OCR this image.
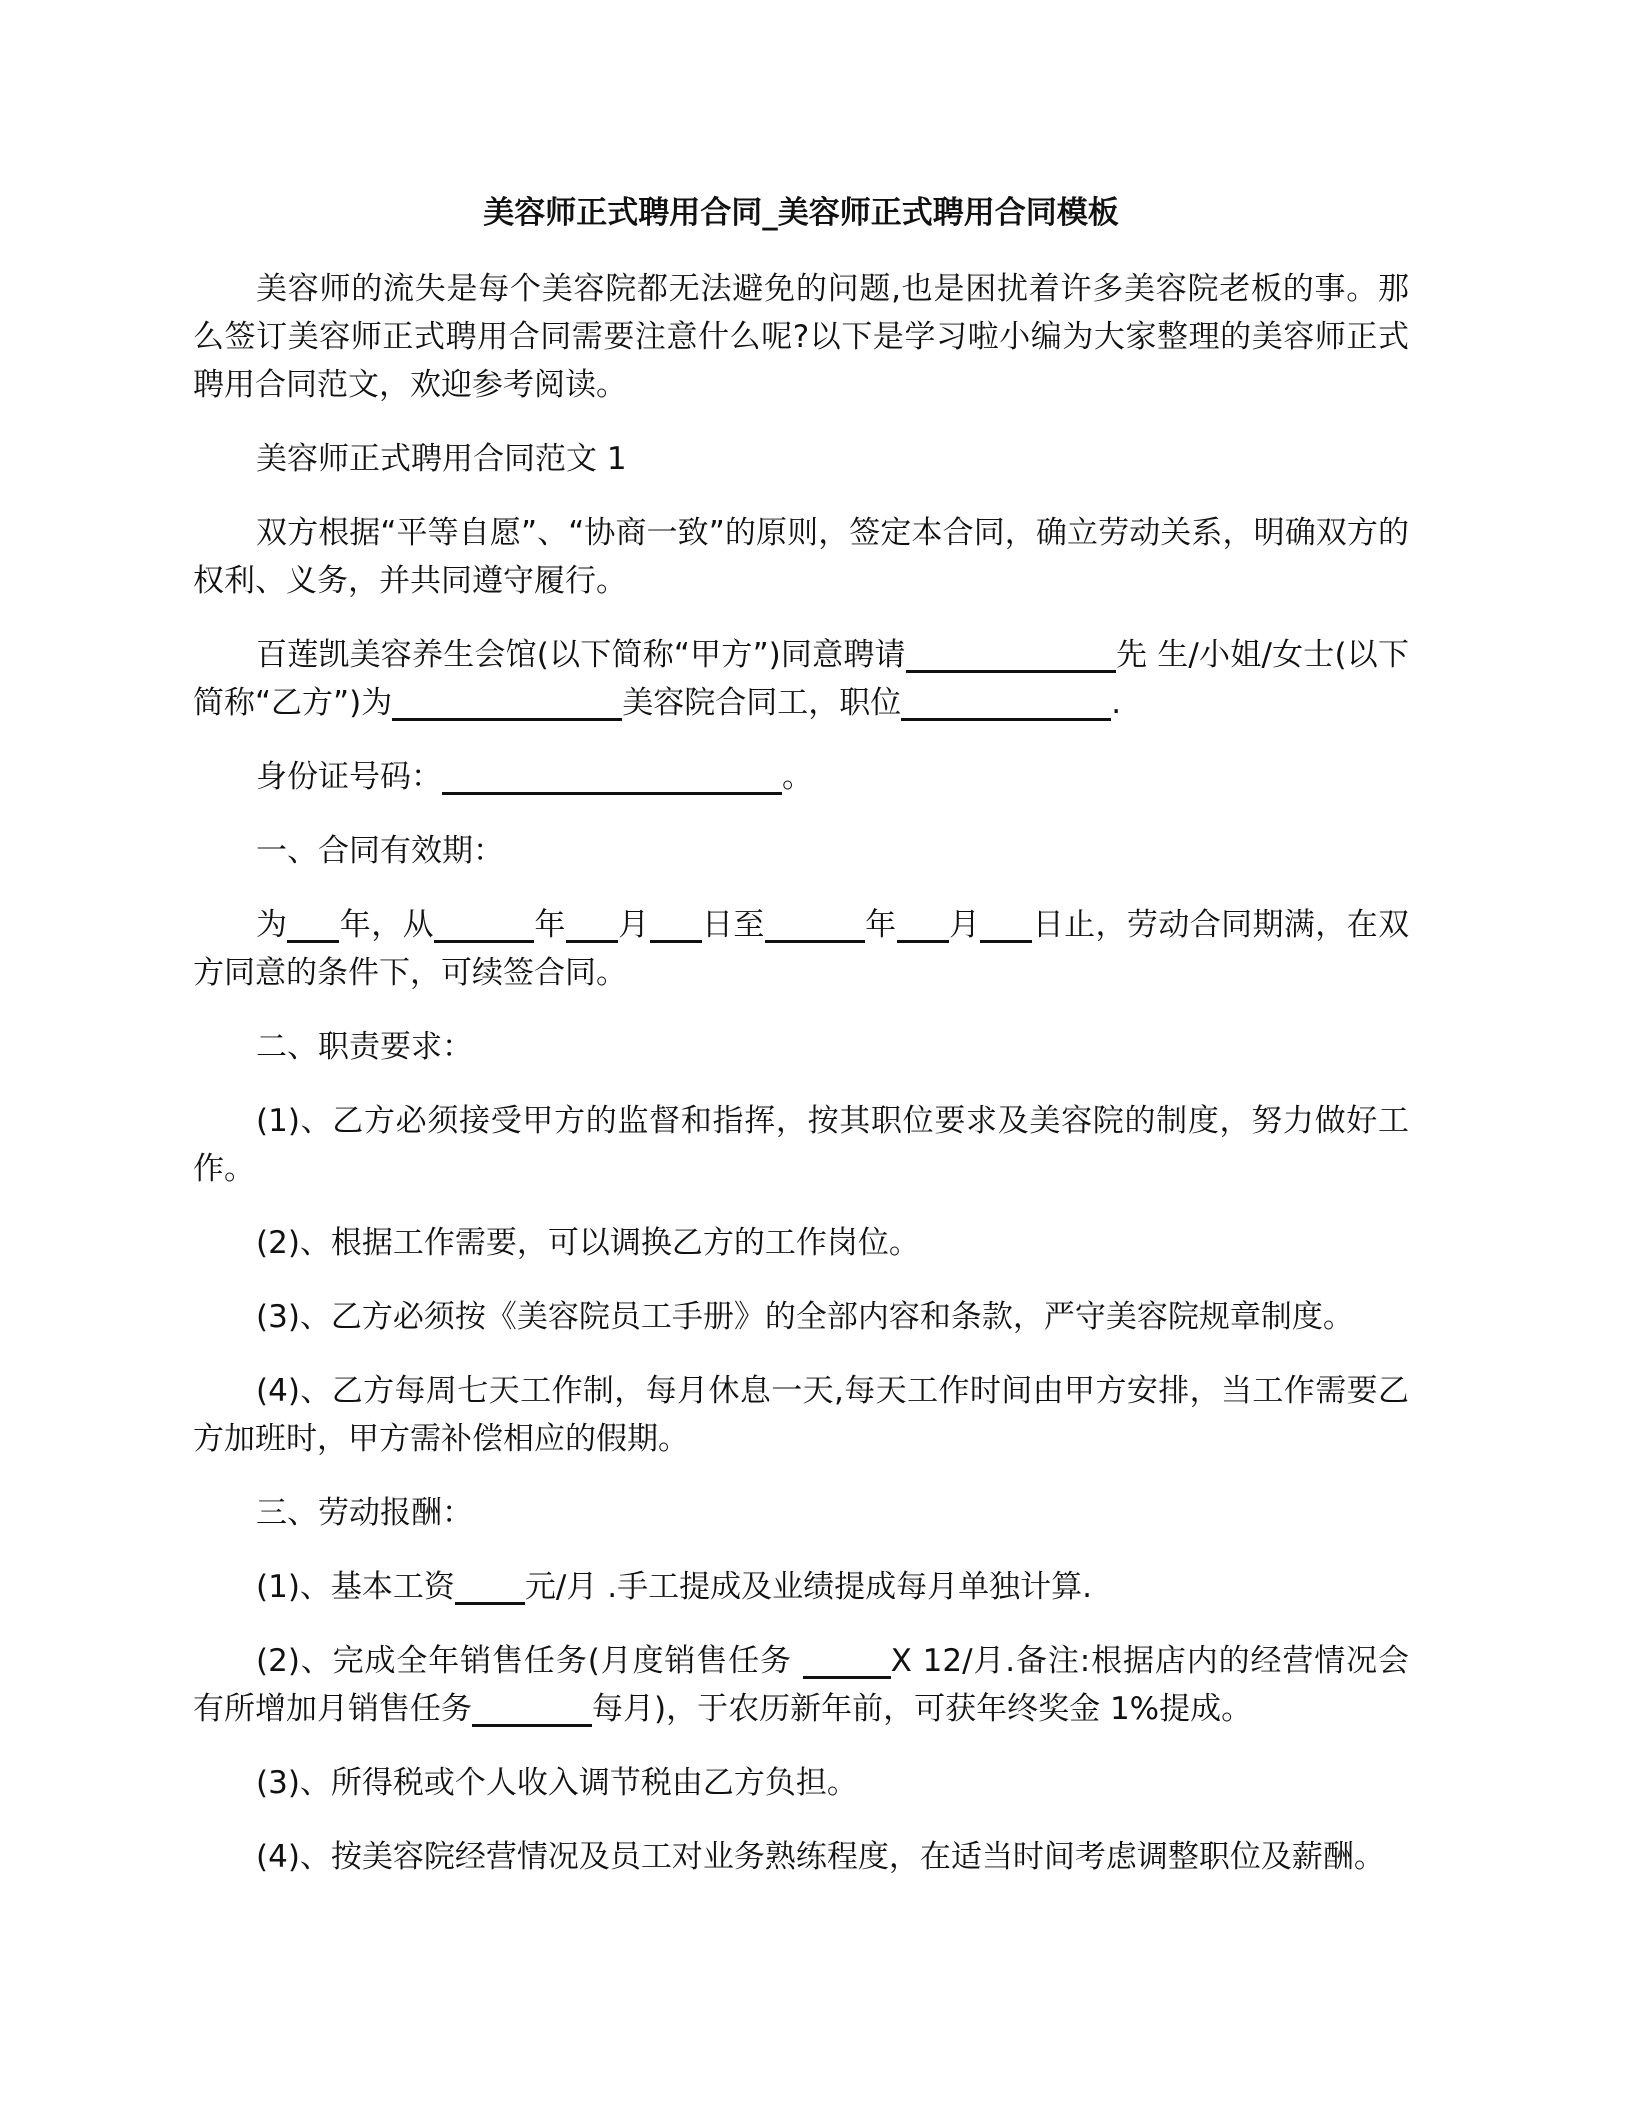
美容师正式聘用合同_美容师正式聘用合同模板

美容师的流失是每个美容院都无法避免的问题,也是困扰着许多美容院老板的事。那么签订美容师正式聘用合同需要注意什么呢?以下是学习啦小编为大家整理的美容师正式聘用合同范文，欢迎参考阅读。

美容师正式聘用合同范文 1

双方根据“平等自愿”、“协商一致”的原则，签定本合同，确立劳动关系，明确双方的权利、义务，并共同遵守履行。

百莲凯美容养生会馆(以下简称“甲方”)同意聘请	先 生/小姐/女士(以下简称“乙方”)为	美容院合同工，职位	.

身份证号码：	。

一、合同有效期：

为 年，从	年 月 日至	年 月 日止，劳动合同期满，在双方同意的条件下，可续签合同。

二、职责要求：

(1)、乙方必须接受甲方的监督和指挥，按其职位要求及美容院的制度，努力做好工作。

(2)、根据工作需要，可以调换乙方的工作岗位。

(3)、乙方必须按《美容院员工手册》的全部内容和条款，严守美容院规章制度。

(4)、乙方每周七天工作制，每月休息一天,每天工作时间由甲方安排，当工作需要乙方加班时，甲方需补偿相应的假期。

三、劳动报酬：

(1)、基本工资 元/月 .手工提成及业绩提成每月单独计算.

(2)、完成全年销售任务(月度销售任务	X 12/月.备注:根据店内的经营情况会有所增加月销售任务	每月)，于农历新年前，可获年终奖金 1%提成。

(3)、所得税或个人收入调节税由乙方负担。

(4)、按美容院经营情况及员工对业务熟练程度，在适当时间考虑调整职位及薪酬。
